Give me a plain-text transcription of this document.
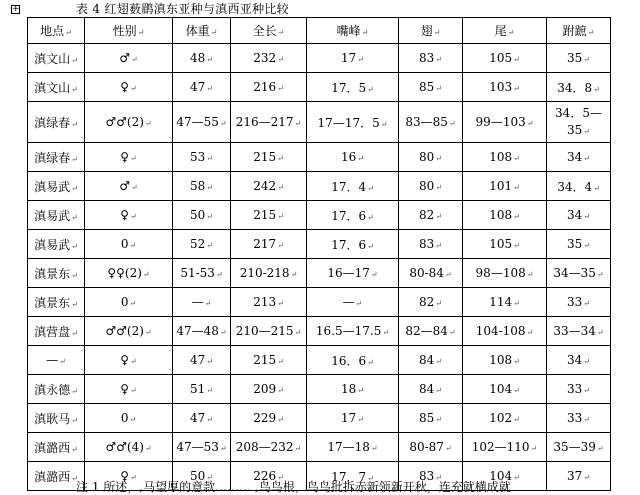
+	表 4 红翅薮鹛滇东亚种与滇西亚种比较
地点 ↵	性别 ↵	体重 ↵	全长 ↵	嘴峰 ↵	翅 ↵	尾 ↵	跗蹠 ↵
滇文山 ↵	♂ ↵	48 ↵	232 ↵	17 ↵	83 ↵	105 ↵	35 ↵
滇文山 ↵	♀ ↵	47 ↵	216 ↵	17．5 ↵	85 ↵	103 ↵	34．8 ↵
滇绿春 ↵	♂♂(2) ↵	47—55 ↵	216—217 ↵	17—17．5 ↵	83—85 ↵	99—103 ↵	34．5—35 ↵
滇绿春 ↵	♀ ↵	53 ↵	215 ↵	16 ↵	80 ↵	108 ↵	34 ↵
滇易武 ↵	♂ ↵	58 ↵	242 ↵	17．4 ↵	80 ↵	101 ↵	34．4 ↵
滇易武 ↵	♀ ↵	50 ↵	215 ↵	17．6 ↵	82 ↵	108 ↵	34 ↵
滇易武 ↵	0 ↵	52 ↵	217 ↵	17．6 ↵	83 ↵	105 ↵	35 ↵
滇景东 ↵	♀♀(2) ↵	51-53 ↵	210-218 ↵	16—17 ↵	80-84 ↵	98—108 ↵	34—35 ↵
滇景东 ↵	0 ↵	— ↵	213 ↵	— ↵	82 ↵	114 ↵	33 ↵
滇营盘 ↵	♂♂(2) ↵	47—48 ↵	210—215 ↵	16.5—17.5 ↵	82—84 ↵	104-108 ↵	33—34 ↵
— ↵	♀ ↵	47 ↵	215 ↵	16．6 ↵	84 ↵	108 ↵	34 ↵
滇永德 ↵	♀ ↵	51 ↵	209 ↵	18 ↵	84 ↵	104 ↵	33 ↵
滇耿马 ↵	0 ↵	47 ↵	229 ↵	17 ↵	85 ↵	102 ↵	33 ↵
滇潞西 ↵	♂♂(4) ↵	47—53 ↵	208—232 ↵	17—18 ↵	80-87 ↵	102—110 ↵	35—39 ↵
滇潞西 ↵	♀ ↵	50 ↵	226 ↵	17．7 ↵	83 ↵	104 ↵	37 ↵
注 1 所述，,马望厚的意款……… ,鸟鸟根，鸟鸟批拆赤新领新开秋，连充就横成就
